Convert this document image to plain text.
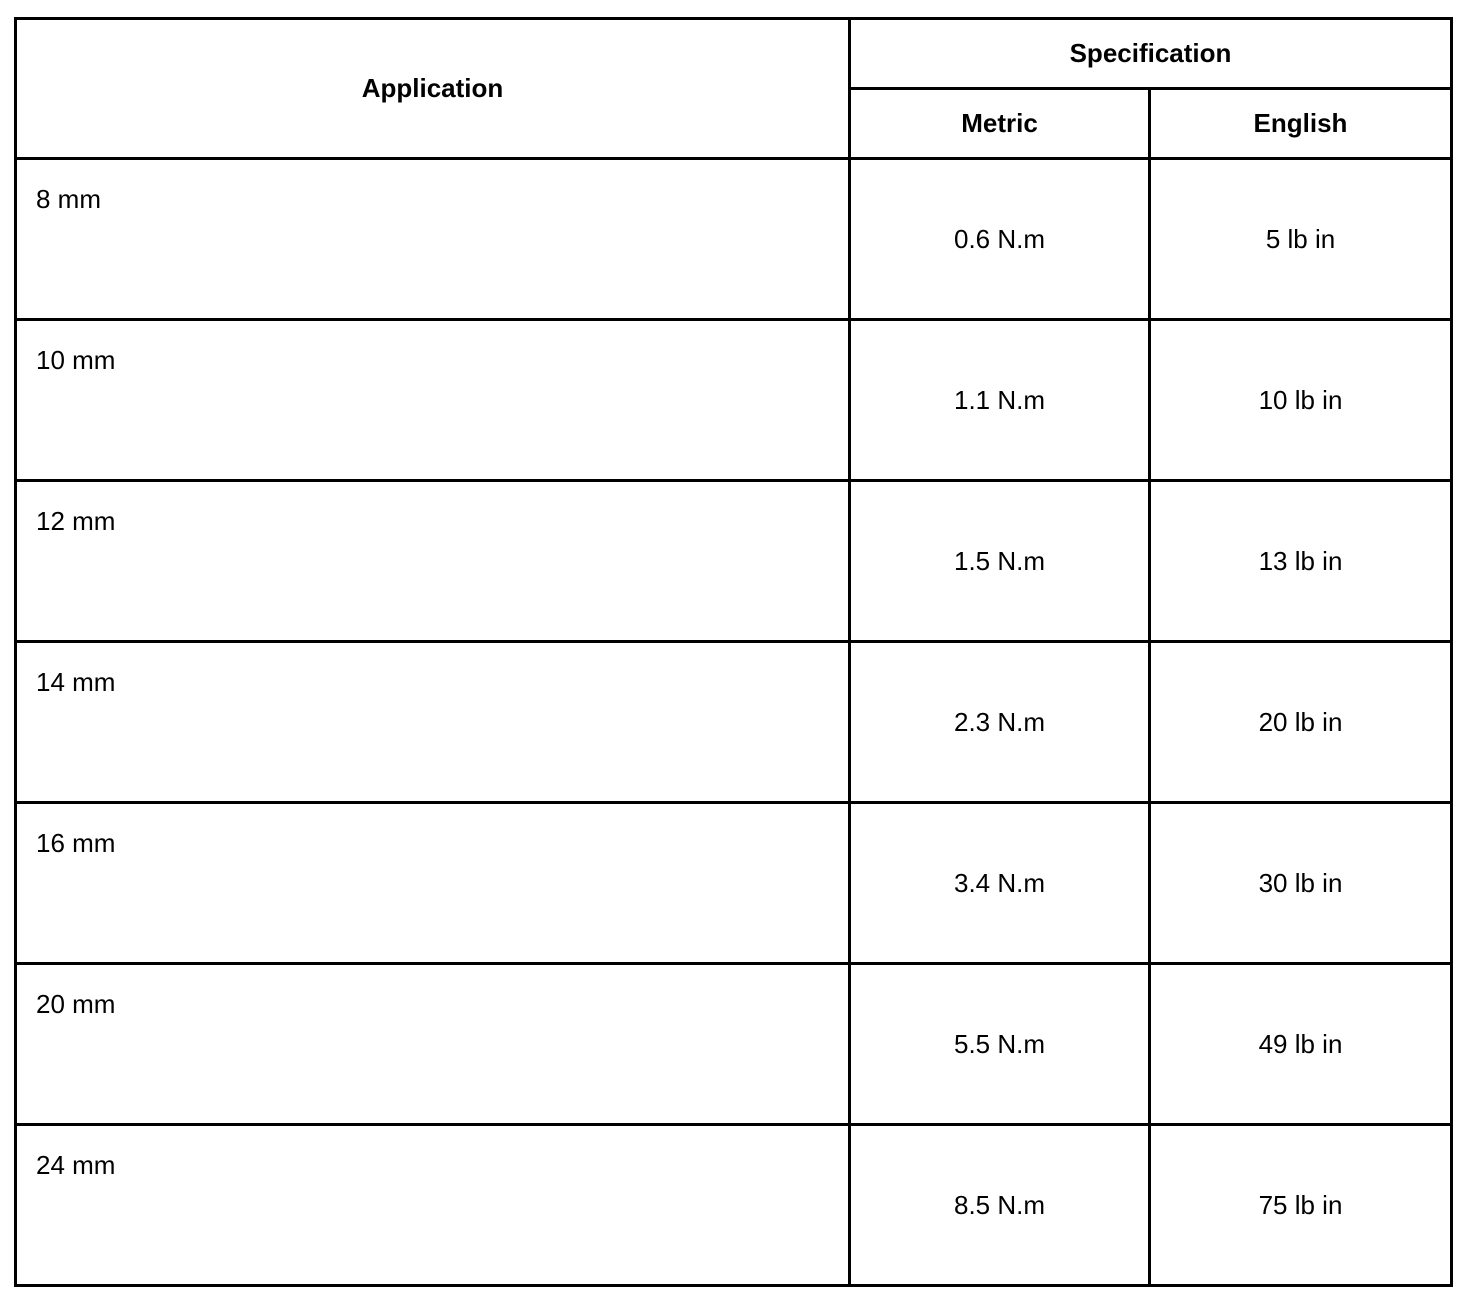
Application	Specification	
	Metric	English

8 mm	0.6 N.m	5 lb in

10 mm	1.1 N.m	10 lb in

12 mm	1.5 N.m	13 lb in

14 mm	2.3 N.m	20 lb in

16 mm	3.4 N.m	30 lb in

20 mm	5.5 N.m	49 lb in

24 mm	8.5 N.m	75 lb in
